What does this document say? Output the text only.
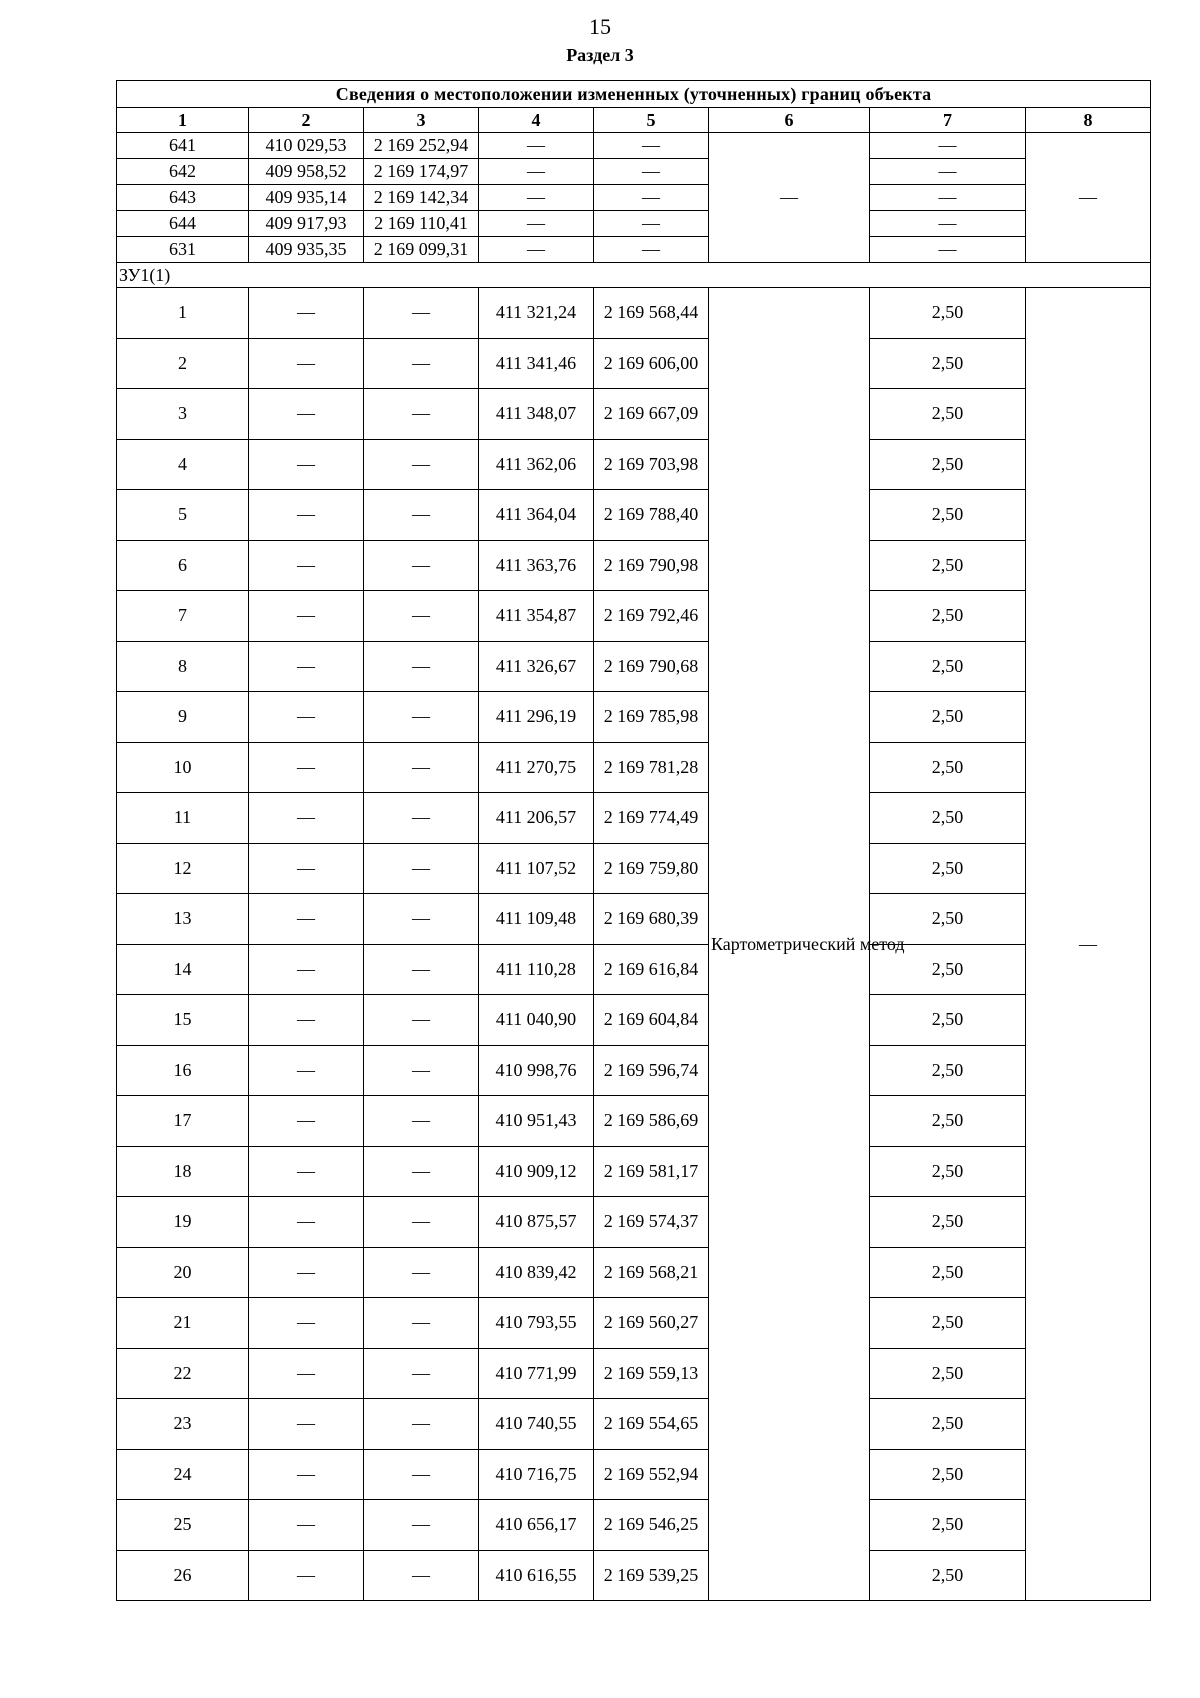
15
Раздел 3
Сведения о местоположении измененных (уточненных) границ объекта							
1	2	3	4	5	6	7	8
641	410 029,53	2 169 252,94	—	—	—	—	—
642	409 958,52	2 169 174,97	—	—		—	
643	409 935,14	2 169 142,34	—	—		—	
644	409 917,93	2 169 110,41	—	—		—	
631	409 935,35	2 169 099,31	—	—		—	
ЗУ1(1)							
1	—	—	411 321,24	2 169 568,44	Картометрический метод	2,50	—
2	—	—	411 341,46	2 169 606,00		2,50	
3	—	—	411 348,07	2 169 667,09		2,50	
4	—	—	411 362,06	2 169 703,98		2,50	
5	—	—	411 364,04	2 169 788,40		2,50	
6	—	—	411 363,76	2 169 790,98		2,50	
7	—	—	411 354,87	2 169 792,46		2,50	
8	—	—	411 326,67	2 169 790,68		2,50	
9	—	—	411 296,19	2 169 785,98		2,50	
10	—	—	411 270,75	2 169 781,28		2,50	
11	—	—	411 206,57	2 169 774,49		2,50	
12	—	—	411 107,52	2 169 759,80		2,50	
13	—	—	411 109,48	2 169 680,39		2,50	
14	—	—	411 110,28	2 169 616,84		2,50	
15	—	—	411 040,90	2 169 604,84		2,50	
16	—	—	410 998,76	2 169 596,74		2,50	
17	—	—	410 951,43	2 169 586,69		2,50	
18	—	—	410 909,12	2 169 581,17		2,50	
19	—	—	410 875,57	2 169 574,37		2,50	
20	—	—	410 839,42	2 169 568,21		2,50	
21	—	—	410 793,55	2 169 560,27		2,50	
22	—	—	410 771,99	2 169 559,13		2,50	
23	—	—	410 740,55	2 169 554,65		2,50	
24	—	—	410 716,75	2 169 552,94		2,50	
25	—	—	410 656,17	2 169 546,25		2,50	
26	—	—	410 616,55	2 169 539,25		2,50	
